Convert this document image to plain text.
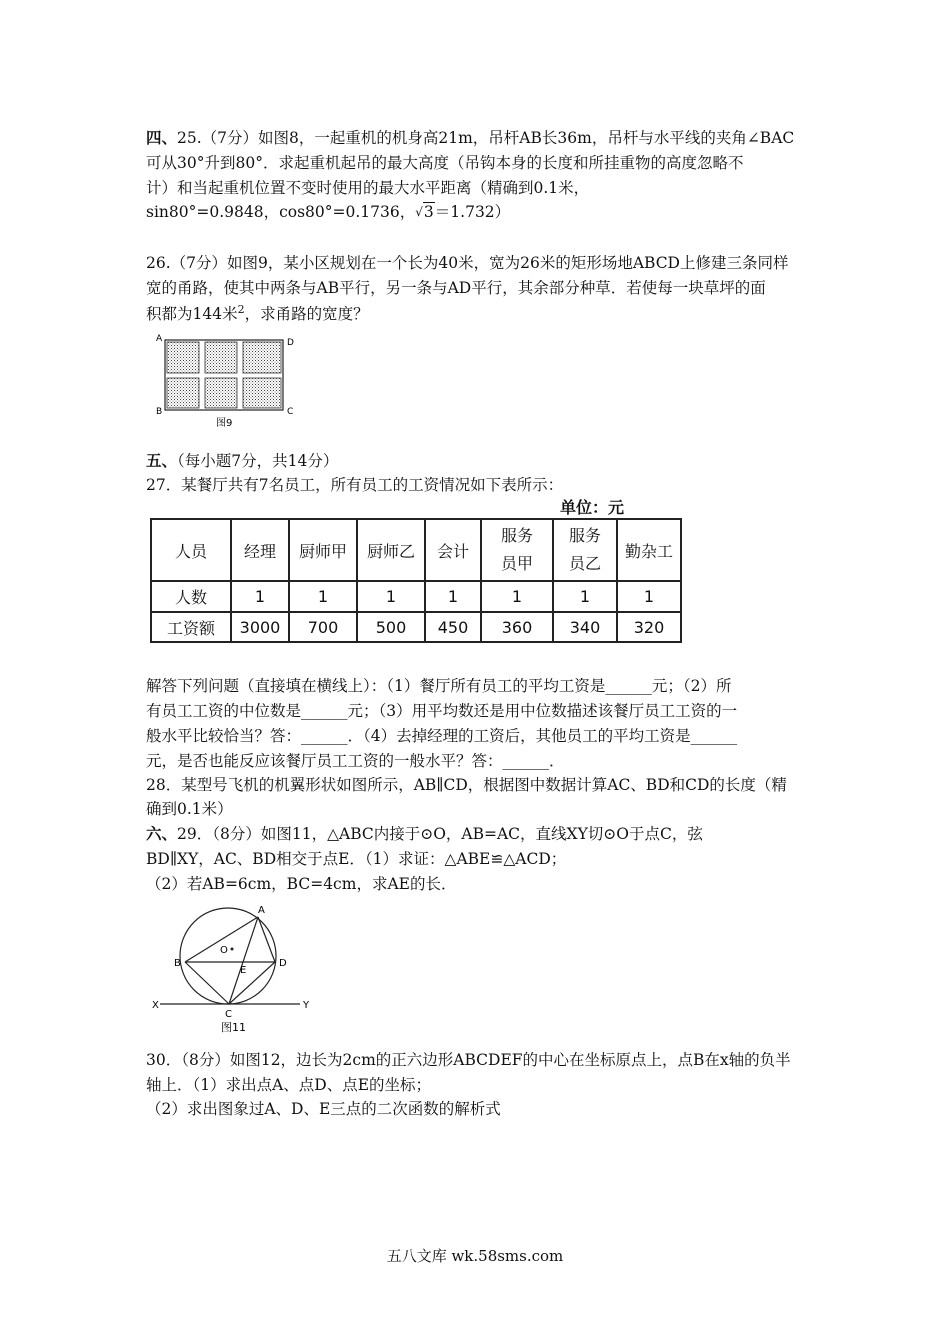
四、25.（7分）如图8，一起重机的机身高21m，吊杆AB长36m，吊杆与水平线的夹角∠BAC
可从30°升到80°．求起重机起吊的最大高度（吊钩本身的长度和所挂重物的高度忽略不
计）和当起重机位置不变时使用的最大水平距离（精确到0.1米，
sin80°=0.9848，cos80°=0.1736，√3＝1.732）
26.（7分）如图9，某小区规划在一个长为40米，宽为26米的矩形场地ABCD上修建三条同样
宽的甬路，使其中两条与AB平行，另一条与AD平行，其余部分种草．若使每一块草坪的面
积都为144米$^2$，求甬路的宽度？
A	D
B	C
图9
五、（每小题7分，共14分）
27．某餐厅共有7名员工，所有员工的工资情况如下表所示：
单位：元
人员	经理	厨师甲	厨师乙	会计	服务员甲	服务员乙	勤杂工
人数	1	1	1	1	1	1	1
工资额	3000	700	500	450	360	340	320
解答下列问题（直接填在横线上）：（1）餐厅所有员工的平均工资是______元；（2）所
有员工工资的中位数是______元；（3）用平均数还是用中位数描述该餐厅员工工资的一
般水平比较恰当？答：______．（4）去掉经理的工资后，其他员工的平均工资是______
元，是否也能反应该餐厅员工工资的一般水平？答：______．
28．某型号飞机的机翼形状如图所示，AB∥CD，根据图中数据计算AC、BD和CD的长度（精
确到0.1米）
六、29．（8分）如图11，△ABC内接于⊙O，AB=AC，直线XY切⊙O于点C，弦
BD∥XY，AC、BD相交于点E．（1）求证：△ABE≌△ACD；
（2）若AB=6cm，BC=4cm，求AE的长．
A
B	D
C
E
O
X	Y
图11
30．（8分）如图12，边长为2cm的正六边形ABCDEF的中心在坐标原点上，点B在x轴的负半
轴上．（1）求出点A、点D、点E的坐标；
（2）求出图象过A、D、E三点的二次函数的解析式
五八文库 wk.58sms.com
